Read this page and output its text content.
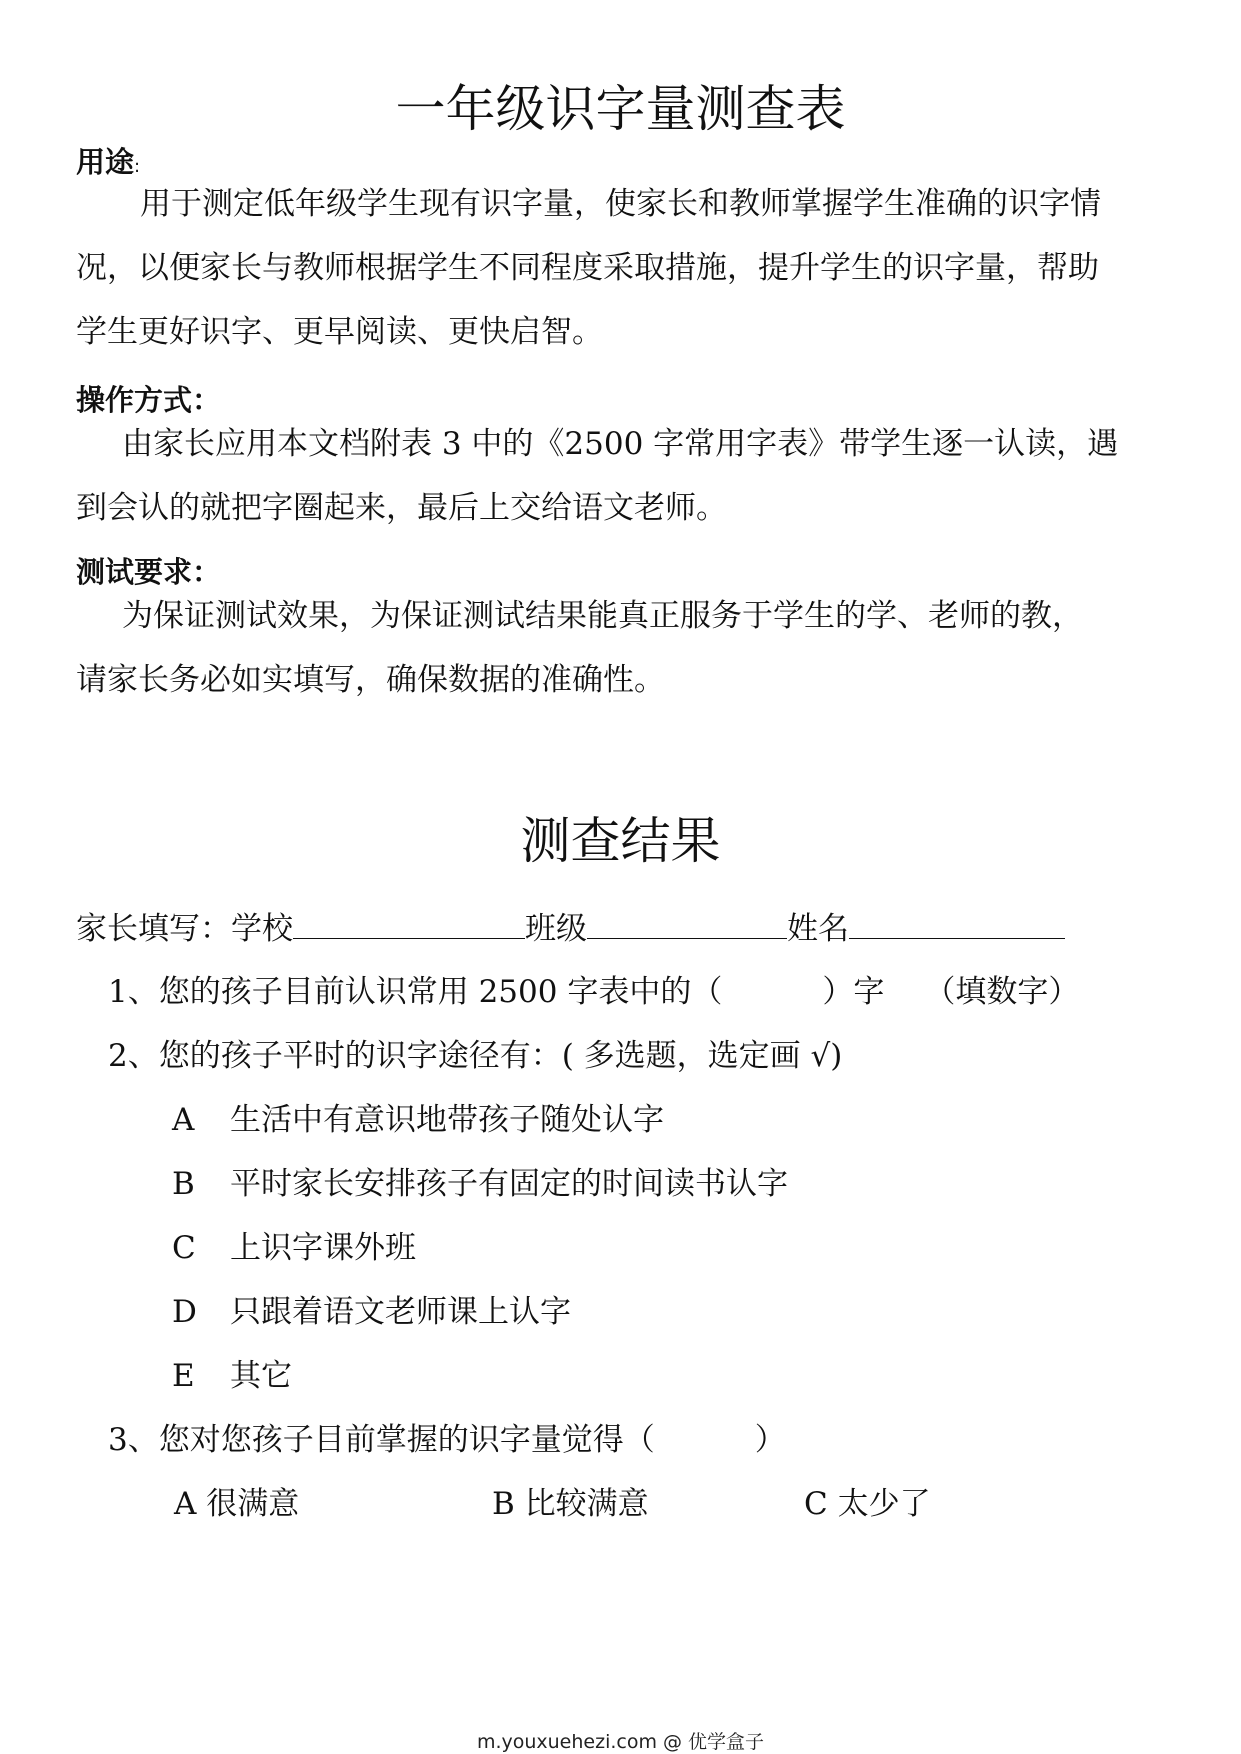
一年级识字量测查表
用途:
用于测定低年级学生现有识字量，使家长和教师掌握学生准确的识字情
况，以便家长与教师根据学生不同程度采取措施，提升学生的识字量，帮助
学生更好识字、更早阅读、更快启智。
操作方式：
由家长应用本文档附表 3 中的《2500 字常用字表》带学生逐一认读，遇
到会认的就把字圈起来，最后上交给语文老师。
测试要求：
为保证测试效果，为保证测试结果能真正服务于学生的学、老师的教，
请家长务必如实填写，确保数据的准确性。
测查结果
家长填写：学校	班级	姓名
1、您的孩子目前认识常用 2500 字表中的（	）字 （填数字）
2、您的孩子平时的识字途径有：( 多选题，选定画 √)
A 生活中有意识地带孩子随处认字
B 平时家长安排孩子有固定的时间读书认字
C 上识字课外班
D 只跟着语文老师课上认字
E 其它
3、您对您孩子目前掌握的识字量觉得（	）
A 很满意	B 比较满意	C 太少了
m.youxuehezi.com @ 优学盒子
